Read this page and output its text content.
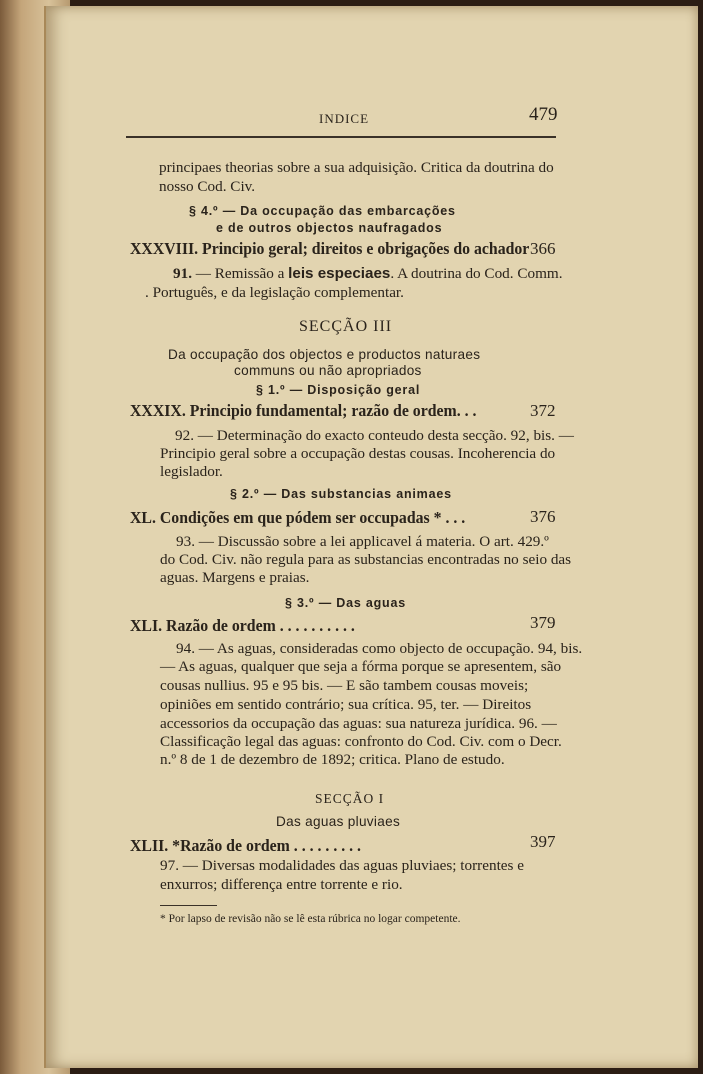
INDICE	479
principaes theorias sobre a sua adquisição. Critica da doutrina do
nosso Cod. Civ.
§ 4.º — Da occupação das embarcações
e de outros objectos naufragados
XXXVIII. Principio geral; direitos e obrigações do achador 366
91. — Remissão a leis especiaes. A doutrina do Cod. Comm.
. Português, e da legislação complementar.
SECÇÃO III
Da occupação dos objectos e productos naturaes
communs ou não apropriados
§ 1.º — Disposição geral
XXXIX. Principio fundamental; razão de ordem. . .	372
92. — Determinação do exacto conteudo desta secção. 92, bis. —
Principio geral sobre a occupação destas cousas. Incoherencia do
legislador.
§ 2.º — Das substancias animaes
XL. Condições em que pódem ser occupadas * . . .	376
93. — Discussão sobre a lei applicavel á materia. O art. 429.º
do Cod. Civ. não regula para as substancias encontradas no seio das
aguas. Margens e praias.
§ 3.º — Das aguas
XLI. Razão de ordem . . . . . . . . . .	379
94. — As aguas, consideradas como objecto de occupação. 94, bis.
— As aguas, qualquer que seja a fórma porque se apresentem, são
cousas nullius. 95 e 95 bis. — E são tambem cousas moveis;
opiniões em sentido contrário; sua crítica. 95, ter. — Direitos
accessorios da occupação das aguas: sua natureza jurídica. 96. —
Classificação legal das aguas: confronto do Cod. Civ. com o Decr.
n.º 8 de 1 de dezembro de 1892; critica. Plano de estudo.
SECÇÃO I
Das aguas pluviaes
XLII. *Razão de ordem . . . . . . . . .	397
97. — Diversas modalidades das aguas pluviaes; torrentes e
enxurros; differença entre torrente e rio.
* Por lapso de revisão não se lê esta rúbrica no logar competente.
